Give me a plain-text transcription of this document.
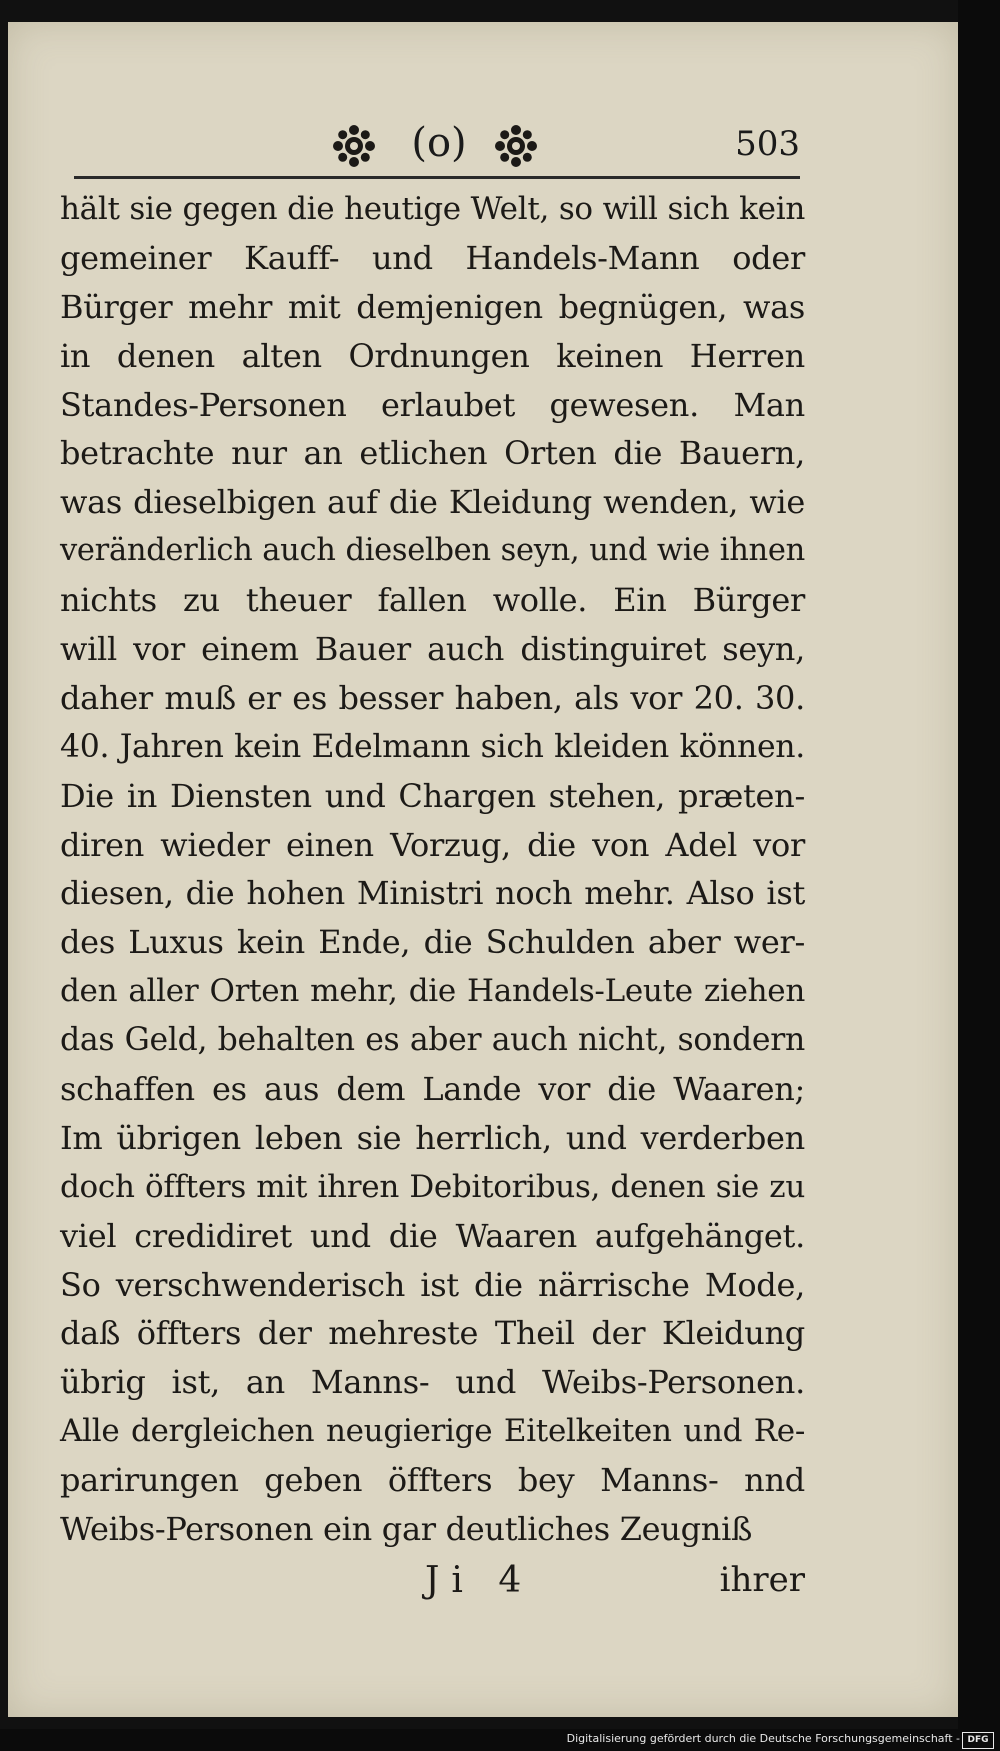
(o)	503
hält sie gegen die heutige Welt, so will sich kein
gemeiner Kauff- und Handels-Mann oder
Bürger mehr mit demjenigen begnügen, was
in denen alten Ordnungen keinen Herren
Standes-Personen erlaubet gewesen. Man
betrachte nur an etlichen Orten die Bauern,
was dieselbigen auf die Kleidung wenden, wie
veränderlich auch dieselben seyn, und wie ihnen
nichts zu theuer fallen wolle. Ein Bürger
will vor einem Bauer auch distinguiret seyn,
daher muß er es besser haben, als vor 20. 30.
40. Jahren kein Edelmann sich kleiden können.
Die in Diensten und Chargen stehen, præten-
diren wieder einen Vorzug, die von Adel vor
diesen, die hohen Ministri noch mehr. Also ist
des Luxus kein Ende, die Schulden aber wer-
den aller Orten mehr, die Handels-Leute ziehen
das Geld, behalten es aber auch nicht, sondern
schaffen es aus dem Lande vor die Waaren;
Im übrigen leben sie herrlich, und verderben
doch öffters mit ihren Debitoribus, denen sie zu
viel credidiret und die Waaren aufgehänget.
So verschwenderisch ist die närrische Mode,
daß öffters der mehreste Theil der Kleidung
übrig ist, an Manns- und Weibs-Personen.
Alle dergleichen neugierige Eitelkeiten und Re-
parirungen geben öffters bey Manns- nnd
Weibs-Personen ein gar deutliches Zeugniß
Ji 4	ihrer
Digitalisierung gefördert durch die Deutsche Forschungsgemeinschaft - DFG
